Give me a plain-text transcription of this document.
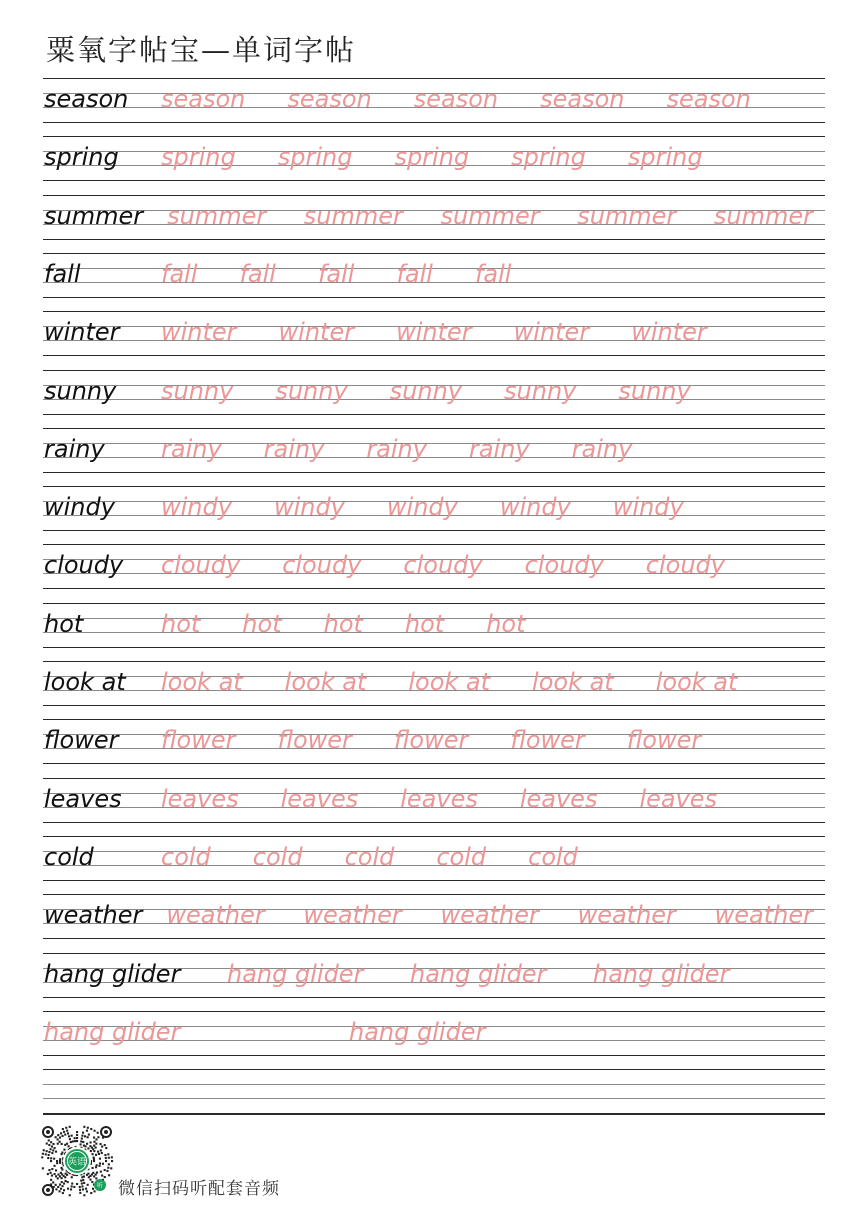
粟氧字帖宝—单词字帖
season season season season season season
spring spring spring spring spring spring
summer summer summer summer summer summer
fall	fall fall fall fall fall
winter winter winter winter winter winter
sunny sunny sunny sunny sunny sunny
rainy rainy rainy rainy rainy rainy
windy windy windy windy windy windy
cloudy cloudy cloudy cloudy cloudy cloudy
hot	hot hot hot hot hot
look at look at look at look at look at look at
flower flower flower flower flower flower
leaves leaves leaves leaves leaves leaves
cold	cold cold cold cold cold
weather weather weather weather weather weather
hang glider hang glider hang glider hang glider
hang glider	hang glider
英语
听 微信扫码听配套音频
